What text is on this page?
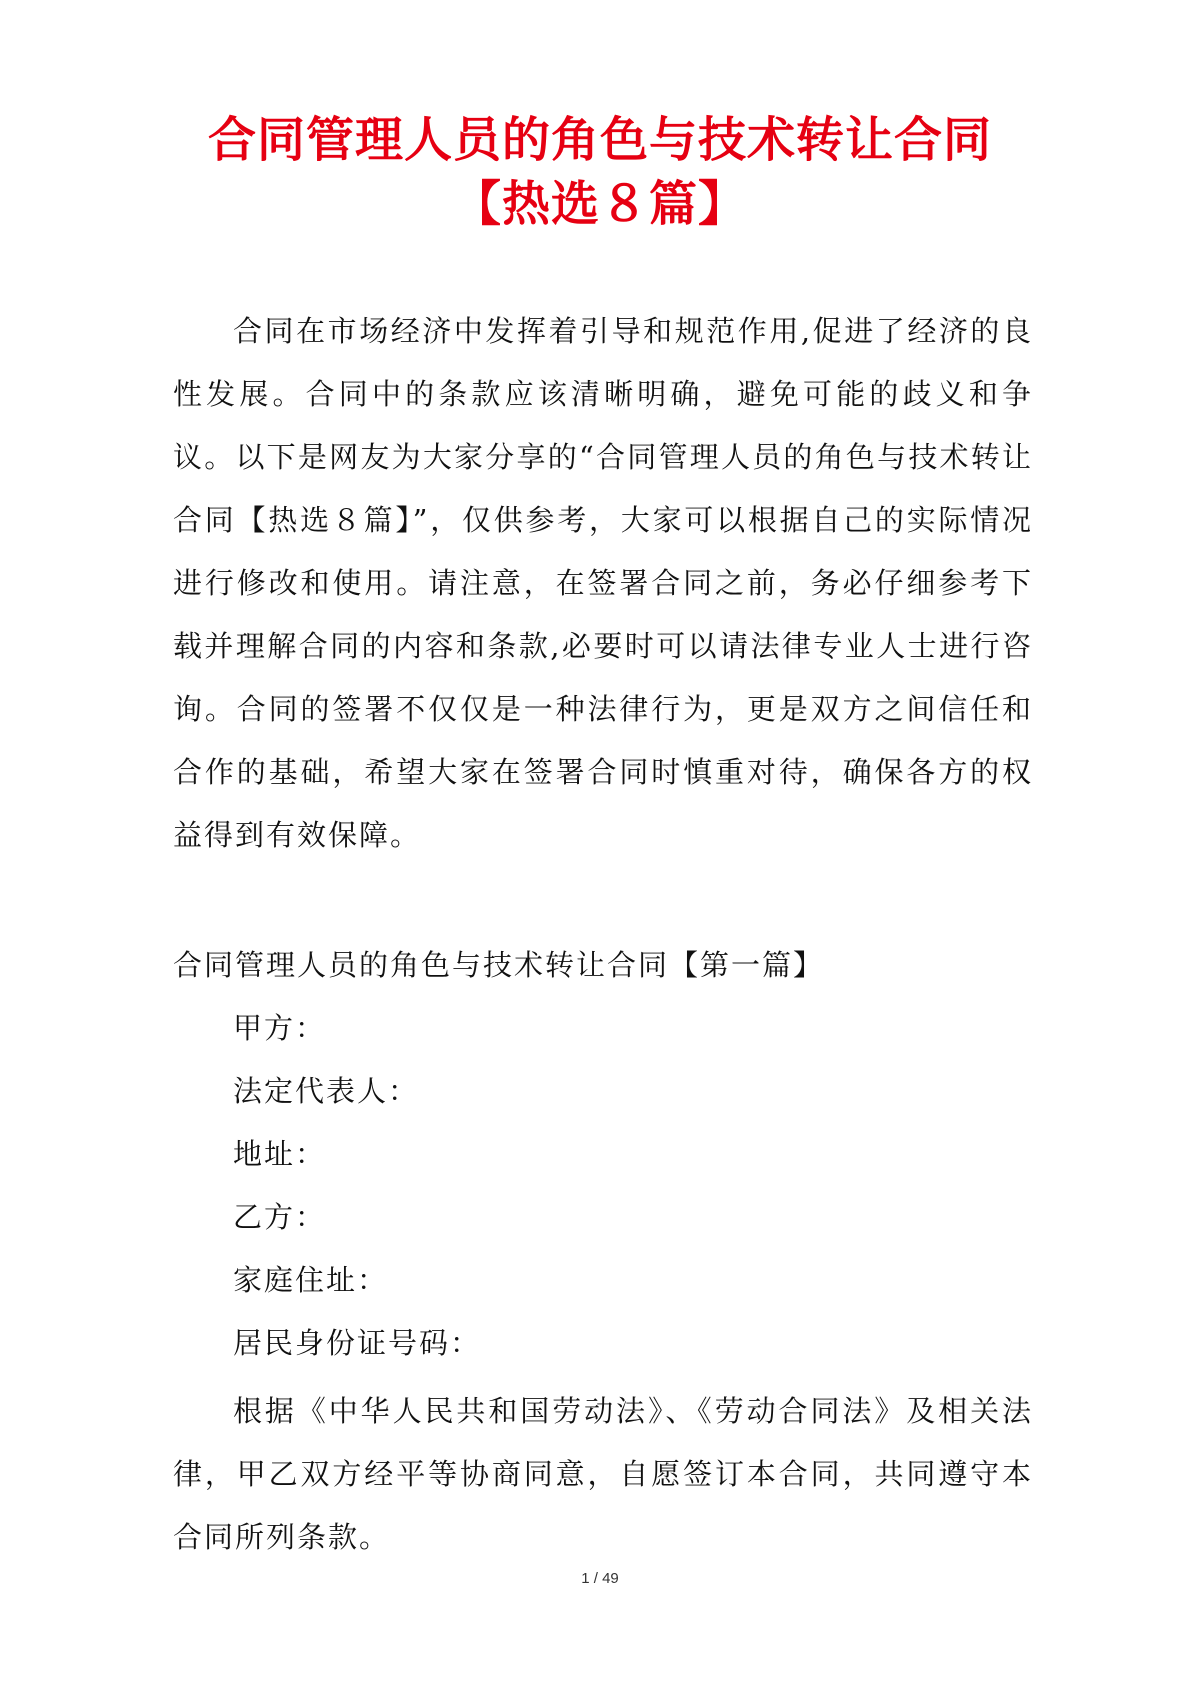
合同管理人员的角色与技术转让合同【热选８篇】

合同在市场经济中发挥着引导和规范作用,促进了经济的良性发展。合同中的条款应该清晰明确，避免可能的歧义和争议。以下是网友为大家分享的“合同管理人员的角色与技术转让合同【热选８篇】”，仅供参考，大家可以根据自己的实际情况进行修改和使用。请注意，在签署合同之前，务必仔细参考下载并理解合同的内容和条款,必要时可以请法律专业人士进行咨询。合同的签署不仅仅是一种法律行为，更是双方之间信任和合作的基础，希望大家在签署合同时慎重对待，确保各方的权益得到有效保障。

合同管理人员的角色与技术转让合同【第一篇】

甲方：

法定代表人：

地址：

乙方：

家庭住址：

居民身份证号码：

根据《中华人民共和国劳动法》、《劳动合同法》及相关法律，甲乙双方经平等协商同意，自愿签订本合同，共同遵守本合同所列条款。

1 / 49
